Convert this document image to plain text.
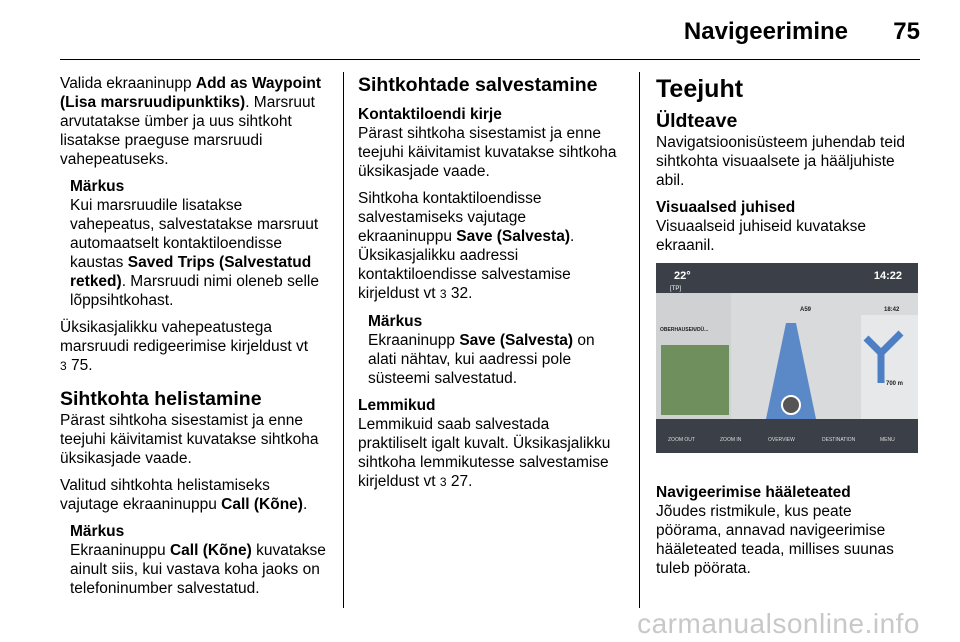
Navigeerimine 75

Valida ekraaninupp Add as Waypoint (Lisa marsruudipunktiks). Marsruut arvutatakse ümber ja uus sihtkoht lisatakse praeguse marsruudi vahepeatuseks.

Märkus
Kui marsruudile lisatakse vahepeatus, salvestatakse marsruut automaatselt kontaktiloendisse kaustas Saved Trips (Salvestatud retked). Marsruudi nimi oleneb selle lõppsihtkohast.

Üksikasjalikku vahepeatustega marsruudi redigeerimise kirjeldust vt
3 75.

Sihtkohta helistamine

Pärast sihtkoha sisestamist ja enne teejuhi käivitamist kuvatakse sihtkoha üksikasjade vaade.

Valitud sihtkohta helistamiseks vajutage ekraaninuppu Call (Kõne).

Märkus
Ekraaninuppu Call (Kõne) kuvatakse ainult siis, kui vastava koha jaoks on telefoninumber salvestatud.
Sihtkohtade salvestamine
Kontaktiloendi kirje

Pärast sihtkoha sisestamist ja enne teejuhi käivitamist kuvatakse sihtkoha üksikasjade vaade.

Sihtkoha kontaktiloendisse salvestamiseks vajutage ekraaninuppu Save (Salvesta). Üksikasjalikku aadressi kontaktiloendisse salvestamise kirjeldust vt 3 32.

Märkus
Ekraaninupp Save (Salvesta) on alati nähtav, kui aadressi pole süsteemi salvestatud.
Lemmikud

Lemmikuid saab salvestada praktiliselt igalt kuvalt. Üksikasjalikku sihtkoha lemmikutesse salvestamise kirjeldust vt 3 27.

Teejuht
Üldteave

Navigatsioonisüsteem juhendab teid sihtkohta visuaalsete ja hääljuhiste abil.

Visuaalsed juhised

Visuaalseid juhiseid kuvatakse ekraanil.

22°
[TP]
14:22
A59
OBERHAUSEN/DÜ...
18:42
700 m
ZOOM OUT	ZOOM IN	OVERVIEW	DESTINATION	MENU
Navigeerimise hääleteated

Jõudes ristmikule, kus peate pöörama, annavad navigeerimise hääleteated teada, millises suunas tuleb pöörata.

carmanualsonline.info
